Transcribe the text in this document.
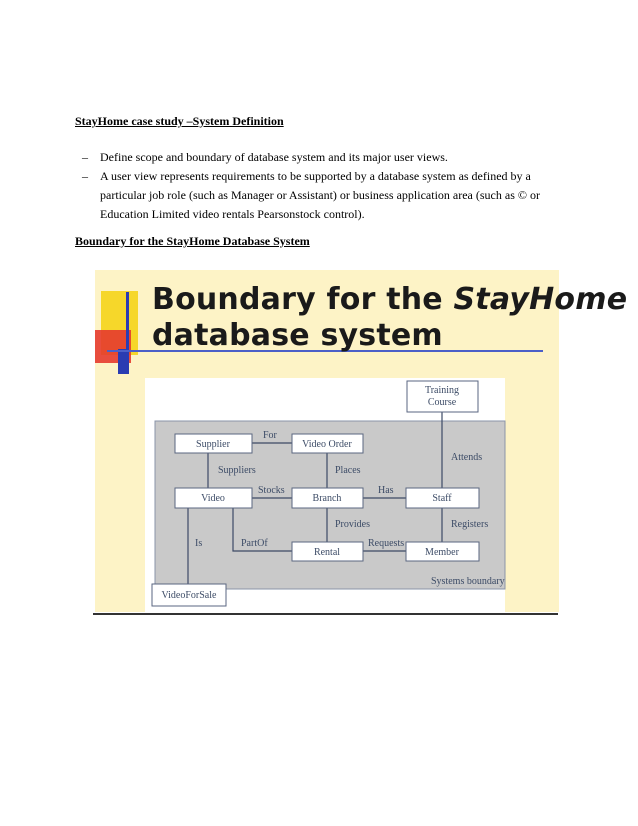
StayHome case study –System Definition
– Define scope and boundary of database system and its major user views.
– A user view represents requirements to be supported by a database system as defined by a particular job role (such as Manager or Assistant) or business application area (such as © or Education Limited video rentals Pearsonstock control).
Boundary for the StayHome Database System
Boundary for the StayHome
database system
Training
Course
Supplier	Video Order
Video	Branch	Staff
Rental	Member
VideoForSale
For
Suppliers	Places
Stocks	Has
Attends
Provides	Registers
Is	PartOf	Requests
Systems boundary
